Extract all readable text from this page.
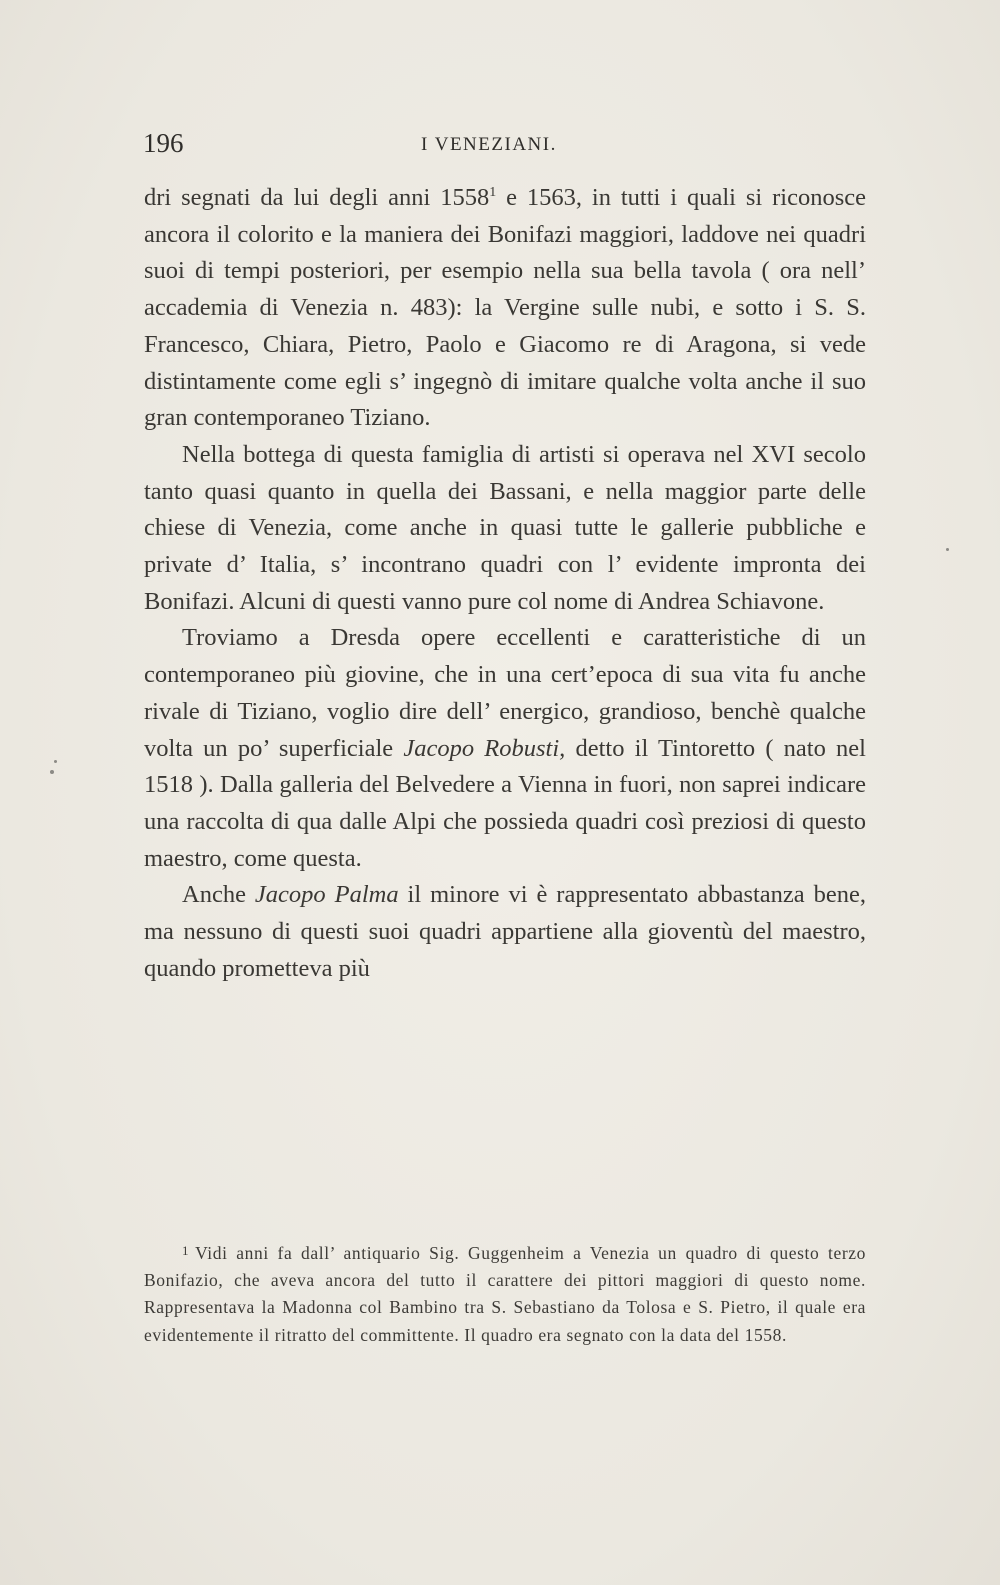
196	I VENEZIANI.

dri segnati da lui degli anni 1558$^1$ e 1563, in tutti i quali si riconosce ancora il colorito e la maniera dei Bonifazi maggiori, laddove nei quadri suoi di tempi posteriori, per esempio nella sua bella tavola ( ora nell’ accademia di Venezia n. 483): la Vergine sulle nubi, e sotto i S. S. Francesco, Chiara, Pietro, Paolo e Giacomo re di Aragona, si vede distintamente come egli s’ ingegnò di imitare qualche volta anche il suo gran contemporaneo Tiziano.

Nella bottega di questa famiglia di artisti si operava nel XVI secolo tanto quasi quanto in quella dei Bassani, e nella maggior parte delle chiese di Venezia, come anche in quasi tutte le gallerie pubbliche e private d’ Italia, s’ incontrano quadri con l’ evidente impronta dei Bonifazi. Alcuni di questi vanno pure col nome di Andrea Schiavone.

Troviamo a Dresda opere eccellenti e caratteristiche di un contemporaneo più giovine, che in una cert’epoca di sua vita fu anche rivale di Tiziano, voglio dire dell’ energico, grandioso, benchè qualche volta un po’ superficiale Jacopo Robusti, detto il Tintoretto ( nato nel 1518 ). Dalla galleria del Belvedere a Vienna in fuori, non saprei indicare una raccolta di qua dalle Alpi che possieda quadri così preziosi di questo maestro, come questa.

Anche Jacopo Palma il minore vi è rappresentato abbastanza bene, ma nessuno di questi suoi quadri appartiene alla gioventù del maestro, quando prometteva più

$^1$ Vidi anni fa dall’ antiquario Sig. Guggenheim a Venezia un quadro di questo terzo Bonifazio, che aveva ancora del tutto il carattere dei pittori maggiori di questo nome. Rappresentava la Madonna col Bambino tra S. Sebastiano da Tolosa e S. Pietro, il quale era evidentemente il ritratto del committente. Il quadro era segnato con la data del 1558.
